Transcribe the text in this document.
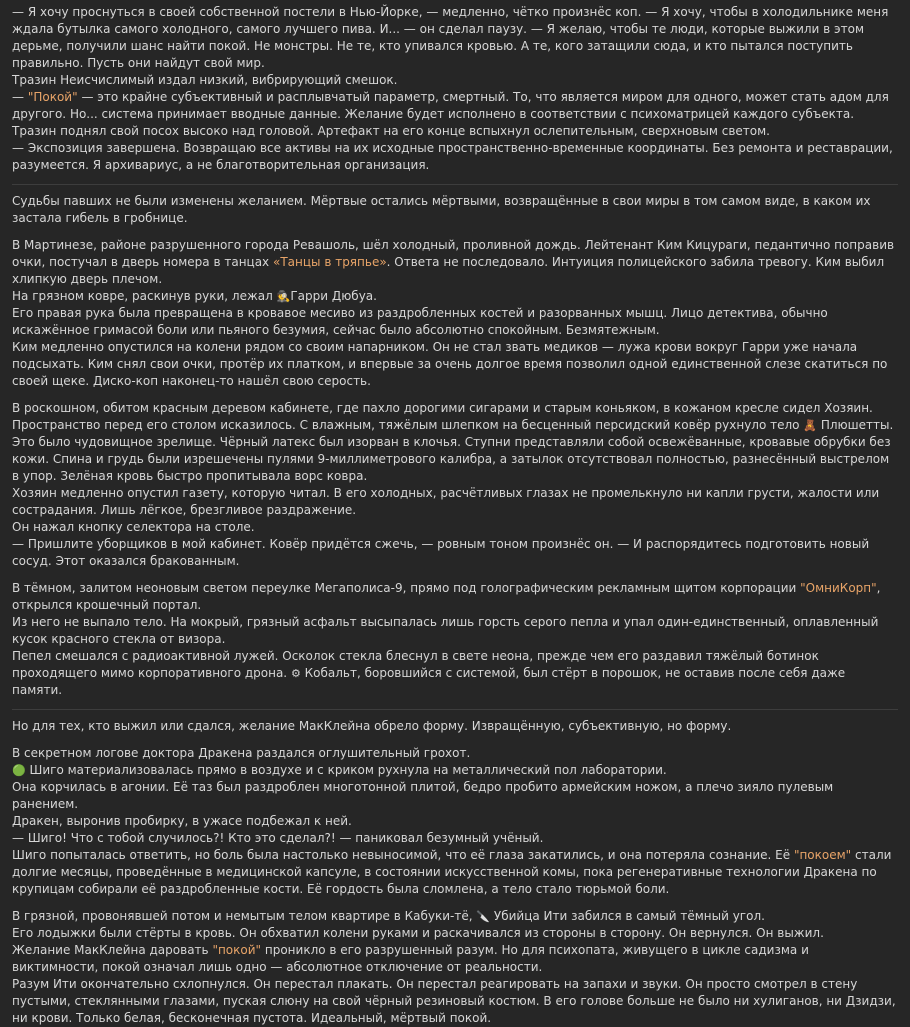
— Я хочу проснуться в своей собственной постели в Нью-Йорке, — медленно, чётко произнёс коп. — Я хочу, чтобы в холодильнике меня ждала бутылка самого холодного, самого лучшего пива. И... — он сделал паузу. — Я желаю, чтобы те люди, которые выжили в этом дерьме, получили шанс найти покой. Не монстры. Не те, кто упивался кровью. А те, кого затащили сюда, и кто пытался поступить правильно. Пусть они найдут свой мир.

Тразин Неисчислимый издал низкий, вибрирующий смешок.

— "Покой" — это крайне субъективный и расплывчатый параметр, смертный. То, что является миром для одного, может стать адом для другого. Но... система принимает вводные данные. Желание будет исполнено в соответствии с психоматрицей каждого субъекта.

Тразин поднял свой посох высоко над головой. Артефакт на его конце вспыхнул ослепительным, сверхновым светом.

— Экспозиция завершена. Возвращаю все активы на их исходные пространственно-временные координаты. Без ремонта и реставрации, разумеется. Я архивариус, а не благотворительная организация.

Судьбы павших не были изменены желанием. Мёртвые остались мёртвыми, возвращённые в свои миры в том самом виде, в каком их застала гибель в гробнице.

В Мартинезе, районе разрушенного города Ревашоль, шёл холодный, проливной дождь. Лейтенант Ким Кицураги, педантично поправив очки, постучал в дверь номера в танцах «Танцы в тряпье». Ответа не последовало. Интуиция полицейского забила тревогу. Ким выбил хлипкую дверь плечом.

На грязном ковре, раскинув руки, лежал 🕵Гарри Дюбуа.

Его правая рука была превращена в кровавое месиво из раздробленных костей и разорванных мышц. Лицо детектива, обычно искажённое гримасой боли или пьяного безумия, сейчас было абсолютно спокойным. Безмятежным.

Ким медленно опустился на колени рядом со своим напарником. Он не стал звать медиков — лужа крови вокруг Гарри уже начала подсыхать. Ким снял свои очки, протёр их платком, и впервые за очень долгое время позволил одной единственной слезе скатиться по своей щеке. Диско-коп наконец-то нашёл свою серость.

В роскошном, обитом красным деревом кабинете, где пахло дорогими сигарами и старым коньяком, в кожаном кресле сидел Хозяин.

Пространство перед его столом исказилось. С влажным, тяжёлым шлепком на бесценный персидский ковёр рухнуло тело 🧸 Плюшетты.

Это было чудовищное зрелище. Чёрный латекс был изорван в клочья. Ступни представляли собой освежёванные, кровавые обрубки без кожи. Спина и грудь были изрешечены пулями 9-миллиметрового калибра, а затылок отсутствовал полностью, разнесённый выстрелом в упор. Зелёная кровь быстро пропитывала ворс ковра.

Хозяин медленно опустил газету, которую читал. В его холодных, расчётливых глазах не промелькнуло ни капли грусти, жалости или сострадания. Лишь лёгкое, брезгливое раздражение.

Он нажал кнопку селектора на столе.

— Пришлите уборщиков в мой кабинет. Ковёр придётся сжечь, — ровным тоном произнёс он. — И распорядитесь подготовить новый сосуд. Этот оказался бракованным.

В тёмном, залитом неоновым светом переулке Мегаполиса-9, прямо под голографическим рекламным щитом корпорации "ОмниКорп", открылся крошечный портал.

Из него не выпало тело. На мокрый, грязный асфальт высыпалась лишь горсть серого пепла и упал один-единственный, оплавленный кусок красного стекла от визора.

Пепел смешался с радиоактивной лужей. Осколок стекла блеснул в свете неона, прежде чем его раздавил тяжёлый ботинок проходящего мимо корпоративного дрона. ⚙ Кобальт, боровшийся с системой, был стёрт в порошок, не оставив после себя даже памяти.

Но для тех, кто выжил или сдался, желание МакКлейна обрело форму. Извращённую, субъективную, но форму.

В секретном логове доктора Дракена раздался оглушительный грохот.

🟢 Шиго материализовалась прямо в воздухе и с криком рухнула на металлический пол лаборатории.

Она корчилась в агонии. Её таз был раздроблен многотонной плитой, бедро пробито армейским ножом, а плечо зияло пулевым ранением.

Дракен, выронив пробирку, в ужасе подбежал к ней.

— Шиго! Что с тобой случилось?! Кто это сделал?! — паниковал безумный учёный.

Шиго попыталась ответить, но боль была настолько невыносимой, что её глаза закатились, и она потеряла сознание. Её "покоем" стали долгие месяцы, проведённые в медицинской капсуле, в состоянии искусственной комы, пока регенеративные технологии Дракена по крупицам собирали её раздробленные кости. Её гордость была сломлена, а тело стало тюрьмой боли.

В грязной, провонявшей потом и немытым телом квартире в Кабуки-тё, 🔪 Убийца Ити забился в самый тёмный угол.

Его лодыжки были стёрты в кровь. Он обхватил колени руками и раскачивался из стороны в сторону. Он вернулся. Он выжил.

Желание МакКлейна даровать "покой" проникло в его разрушенный разум. Но для психопата, живущего в цикле садизма и виктимности, покой означал лишь одно — абсолютное отключение от реальности.

Разум Ити окончательно схлопнулся. Он перестал плакать. Он перестал реагировать на запахи и звуки. Он просто смотрел в стену пустыми, стеклянными глазами, пуская слюну на свой чёрный резиновый костюм. В его голове больше не было ни хулиганов, ни Дзидзи, ни крови. Только белая, бесконечная пустота. Идеальный, мёртвый покой.
